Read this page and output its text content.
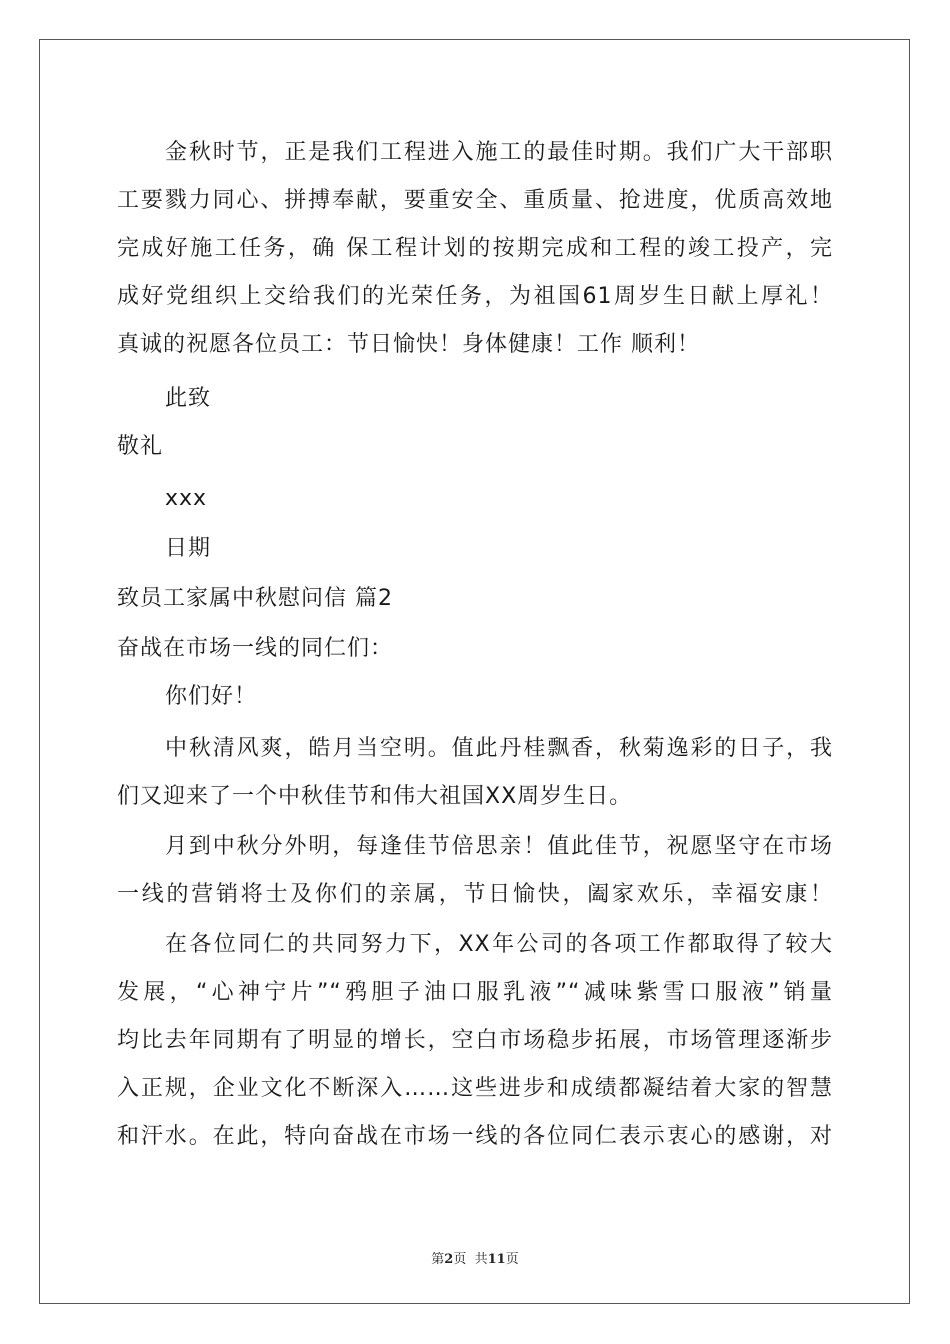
金秋时节，正是我们工程进入施工的最佳时期。我们广大干部职
工要戮力同心、拼搏奉献，要重安全、重质量、抢进度，优质高效地
完成好施工任务，确 保工程计划的按期完成和工程的竣工投产，完
成好党组织上交给我们的光荣任务，为祖国61周岁生日献上厚礼！
真诚的祝愿各位员工：节日愉快！身体健康！工作 顺利！
此致
敬礼
xxx
日期
致员工家属中秋慰问信 篇2
奋战在市场一线的同仁们：
你们好！
中秋清风爽，皓月当空明。值此丹桂飘香，秋菊逸彩的日子，我
们又迎来了一个中秋佳节和伟大祖国XX周岁生日。
月到中秋分外明，每逢佳节倍思亲！值此佳节，祝愿坚守在市场
一线的营销将士及你们的亲属，节日愉快，阖家欢乐，幸福安康！
在各位同仁的共同努力下，XX年公司的各项工作都取得了较大
发展，“心神宁片”“鸦胆子油口服乳液”“减味紫雪口服液”销量
均比去年同期有了明显的增长，空白市场稳步拓展，市场管理逐渐步
入正规，企业文化不断深入……这些进步和成绩都凝结着大家的智慧
和汗水。在此，特向奋战在市场一线的各位同仁表示衷心的感谢，对
第2页  共11页
